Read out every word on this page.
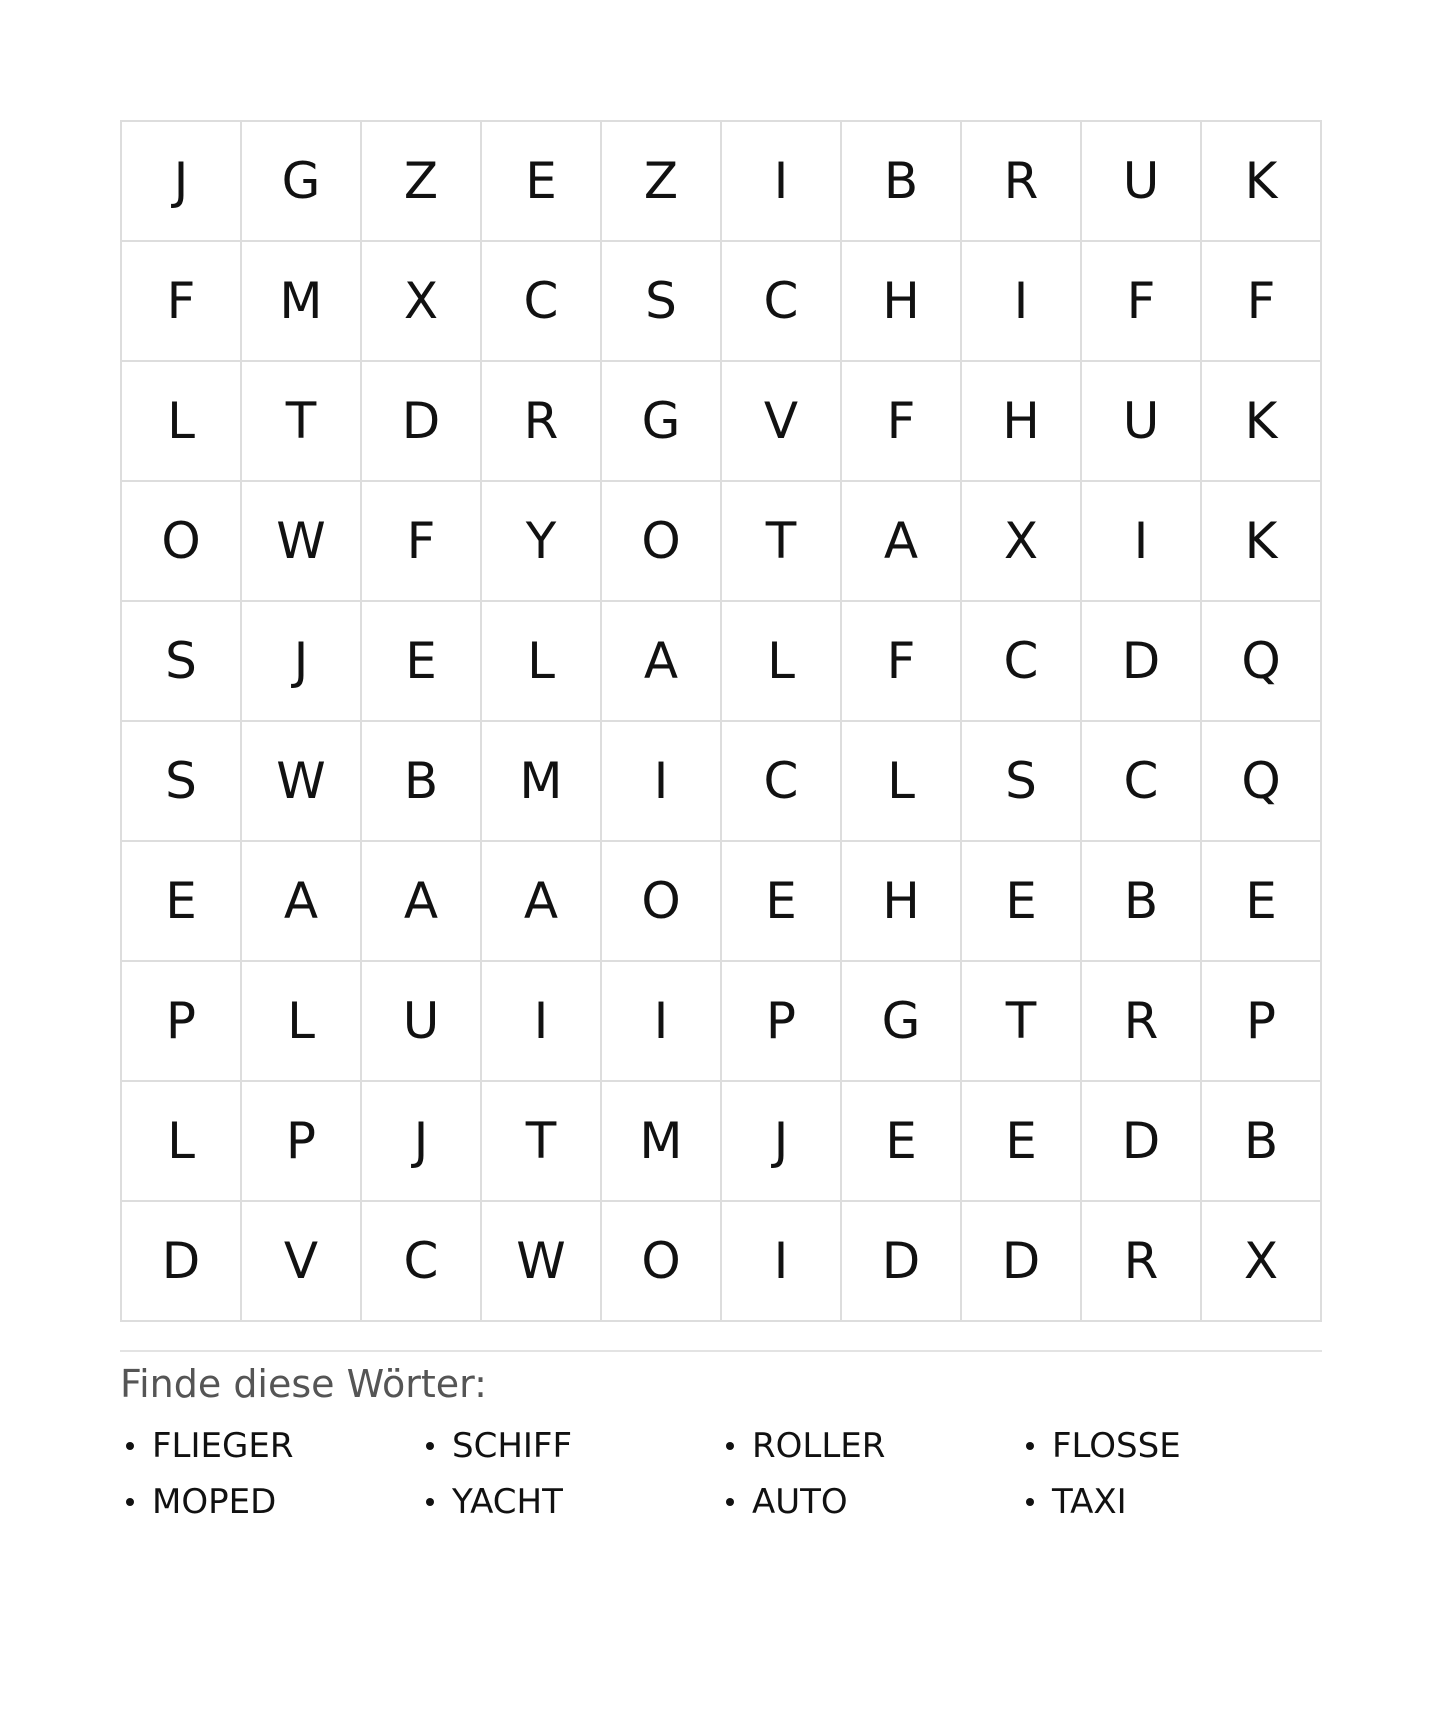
J	G	Z	E	Z	I	B	R	U	K
F	M	X	C	S	C	H	I	F	F
L	T	D	R	G	V	F	H	U	K
O	W	F	Y	O	T	A	X	I	K
S	J	E	L	A	L	F	C	D	Q
S	W	B	M	I	C	L	S	C	Q
E	A	A	A	O	E	H	E	B	E
P	L	U	I	I	P	G	T	R	P
L	P	J	T	M	J	E	E	D	B
D	V	C	W	O	I	D	D	R	X
Finde diese Wörter:
FLIEGER	SCHIFF	ROLLER	FLOSSE
MOPED	YACHT	AUTO	TAXI
